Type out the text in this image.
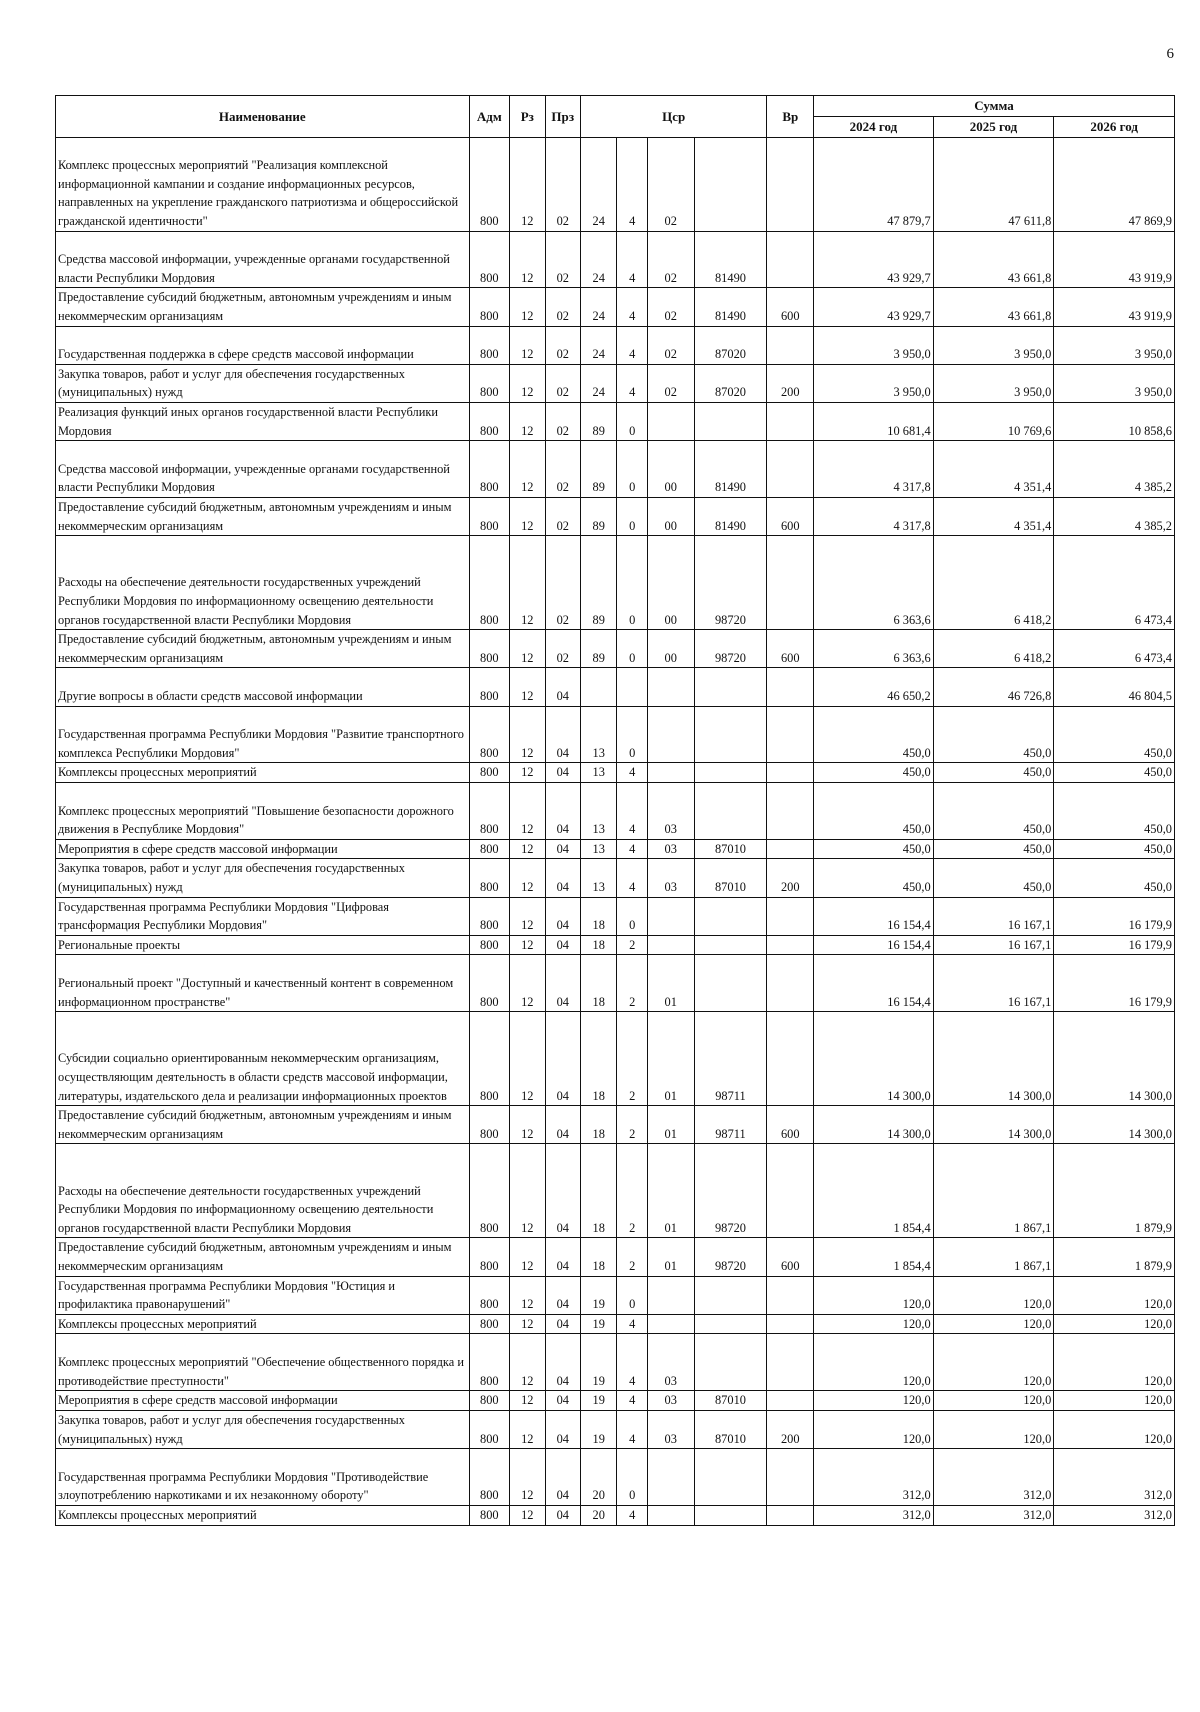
6
Наименование	Адм	Рз	Прз	Цср				Вр	Сумма		
									2024 год	2025 год	2026 год
Комплекс процессных мероприятий "Реализация комплексной информационной кампании и создание информационных ресурсов, направленных на укрепление гражданского патриотизма и общероссийской гражданской идентичности"	800	12	02	24	4	02			47 879,7	47 611,8	47 869,9
Средства массовой информации, учрежденные органами государственной власти Республики Мордовия	800	12	02	24	4	02	81490		43 929,7	43 661,8	43 919,9
Предоставление субсидий бюджетным, автономным учреждениям и иным некоммерческим организациям	800	12	02	24	4	02	81490	600	43 929,7	43 661,8	43 919,9
Государственная поддержка в сфере средств массовой информации	800	12	02	24	4	02	87020		3 950,0	3 950,0	3 950,0
Закупка товаров, работ и услуг для обеспечения государственных (муниципальных) нужд	800	12	02	24	4	02	87020	200	3 950,0	3 950,0	3 950,0
Реализация функций иных органов государственной власти Республики Мордовия	800	12	02	89	0				10 681,4	10 769,6	10 858,6
Средства массовой информации, учрежденные органами государственной власти Республики Мордовия	800	12	02	89	0	00	81490		4 317,8	4 351,4	4 385,2
Предоставление субсидий бюджетным, автономным учреждениям и иным некоммерческим организациям	800	12	02	89	0	00	81490	600	4 317,8	4 351,4	4 385,2
Расходы на обеспечение деятельности государственных учреждений Республики Мордовия по информационному освещению деятельности органов государственной власти Республики Мордовия	800	12	02	89	0	00	98720		6 363,6	6 418,2	6 473,4
Предоставление субсидий бюджетным, автономным учреждениям и иным некоммерческим организациям	800	12	02	89	0	00	98720	600	6 363,6	6 418,2	6 473,4
Другие вопросы в области средств массовой информации	800	12	04						46 650,2	46 726,8	46 804,5
Государственная программа Республики Мордовия "Развитие транспортного комплекса Республики Мордовия"	800	12	04	13	0				450,0	450,0	450,0
Комплексы процессных мероприятий	800	12	04	13	4				450,0	450,0	450,0
Комплекс процессных мероприятий "Повышение безопасности дорожного движения в Республике Мордовия"	800	12	04	13	4	03			450,0	450,0	450,0
Мероприятия в сфере средств массовой информации	800	12	04	13	4	03	87010		450,0	450,0	450,0
Закупка товаров, работ и услуг для обеспечения государственных (муниципальных) нужд	800	12	04	13	4	03	87010	200	450,0	450,0	450,0
Государственная программа Республики Мордовия "Цифровая трансформация Республики Мордовия"	800	12	04	18	0				16 154,4	16 167,1	16 179,9
Региональные проекты	800	12	04	18	2				16 154,4	16 167,1	16 179,9
Региональный проект "Доступный и качественный контент в современном информационном пространстве"	800	12	04	18	2	01			16 154,4	16 167,1	16 179,9
Субсидии социально ориентированным некоммерческим организациям, осуществляющим деятельность в области средств массовой информации, литературы, издательского дела и реализации информационных проектов	800	12	04	18	2	01	98711		14 300,0	14 300,0	14 300,0
Предоставление субсидий бюджетным, автономным учреждениям и иным некоммерческим организациям	800	12	04	18	2	01	98711	600	14 300,0	14 300,0	14 300,0
Расходы на обеспечение деятельности государственных учреждений Республики Мордовия по информационному освещению деятельности органов государственной власти Республики Мордовия	800	12	04	18	2	01	98720		1 854,4	1 867,1	1 879,9
Предоставление субсидий бюджетным, автономным учреждениям и иным некоммерческим организациям	800	12	04	18	2	01	98720	600	1 854,4	1 867,1	1 879,9
Государственная программа Республики Мордовия "Юстиция и профилактика правонарушений"	800	12	04	19	0				120,0	120,0	120,0
Комплексы процессных мероприятий	800	12	04	19	4				120,0	120,0	120,0
Комплекс процессных мероприятий "Обеспечение общественного порядка и противодействие преступности"	800	12	04	19	4	03			120,0	120,0	120,0
Мероприятия в сфере средств массовой информации	800	12	04	19	4	03	87010		120,0	120,0	120,0
Закупка товаров, работ и услуг для обеспечения государственных (муниципальных) нужд	800	12	04	19	4	03	87010	200	120,0	120,0	120,0
Государственная программа Республики Мордовия "Противодействие злоупотреблению наркотиками и их незаконному обороту"	800	12	04	20	0				312,0	312,0	312,0
Комплексы процессных мероприятий	800	12	04	20	4				312,0	312,0	312,0
